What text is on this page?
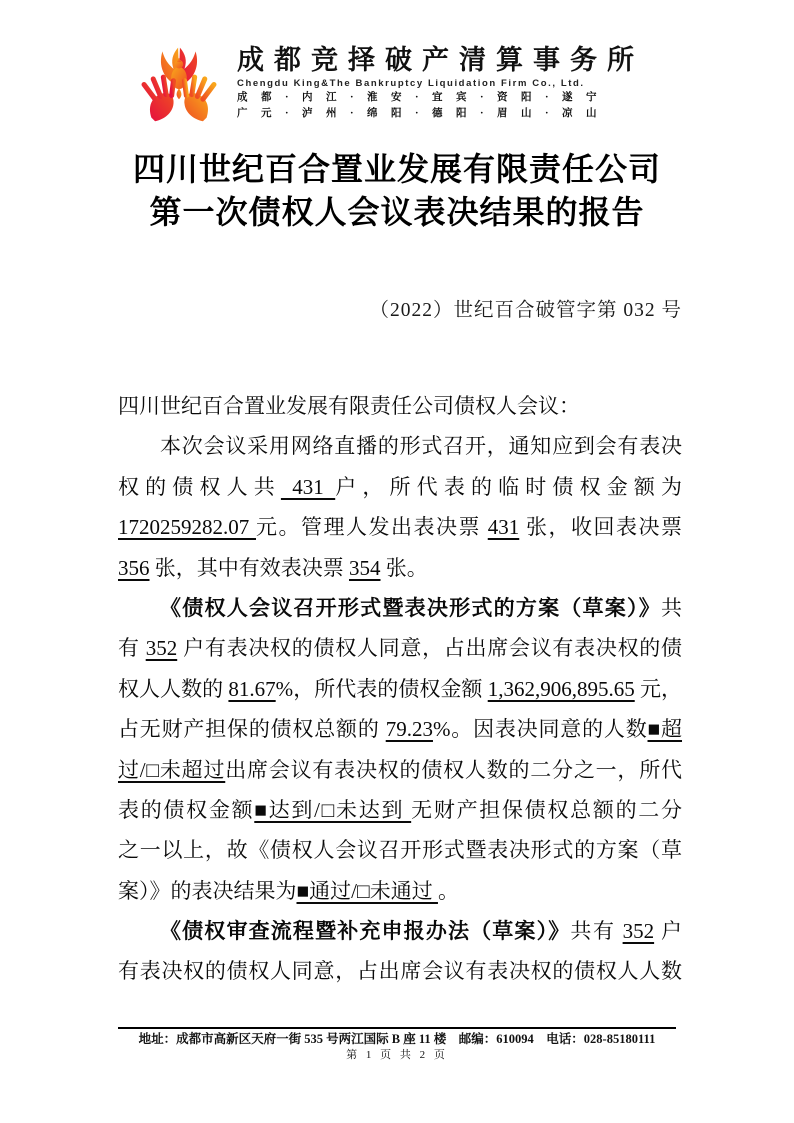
成都竞择破产清算事务所
Chengdu King&The Bankruptcy Liquidation Firm Co., Ltd.
成都·内江·淮安·宜宾·资阳·遂宁
广元·泸州·绵阳·德阳·眉山·凉山
四川世纪百合置业发展有限责任公司
第一次债权人会议表决结果的报告
（2022）世纪百合破管字第 032 号
四川世纪百合置业发展有限责任公司债权人会议：
本次会议采用网络直播的形式召开，通知应到会有表决
权的债权人共 431 户，所代表的临时债权金额为
1720259282.07 元。管理人发出表决票 431 张，收回表决票
356 张，其中有效表决票 354 张。
《债权人会议召开形式暨表决形式的方案（草案）》共
有 352 户有表决权的债权人同意，占出席会议有表决权的债
权人人数的 81.67%，所代表的债权金额 1,362,906,895.65 元，
占无财产担保的债权总额的 79.23%。因表决同意的人数■超
过/□未超过出席会议有表决权的债权人数的二分之一，所代
表的债权金额■达到/□未达到 无财产担保债权总额的二分
之一以上，故《债权人会议召开形式暨表决形式的方案（草
案）》的表决结果为■通过/□未通过 。
《债权审查流程暨补充申报办法（草案）》共有 352 户
有表决权的债权人同意，占出席会议有表决权的债权人人数
地址：成都市高新区天府一街 535 号两江国际 B 座 11 楼　邮编：610094　电话：028-85180111
第 1 页 共 2 页
